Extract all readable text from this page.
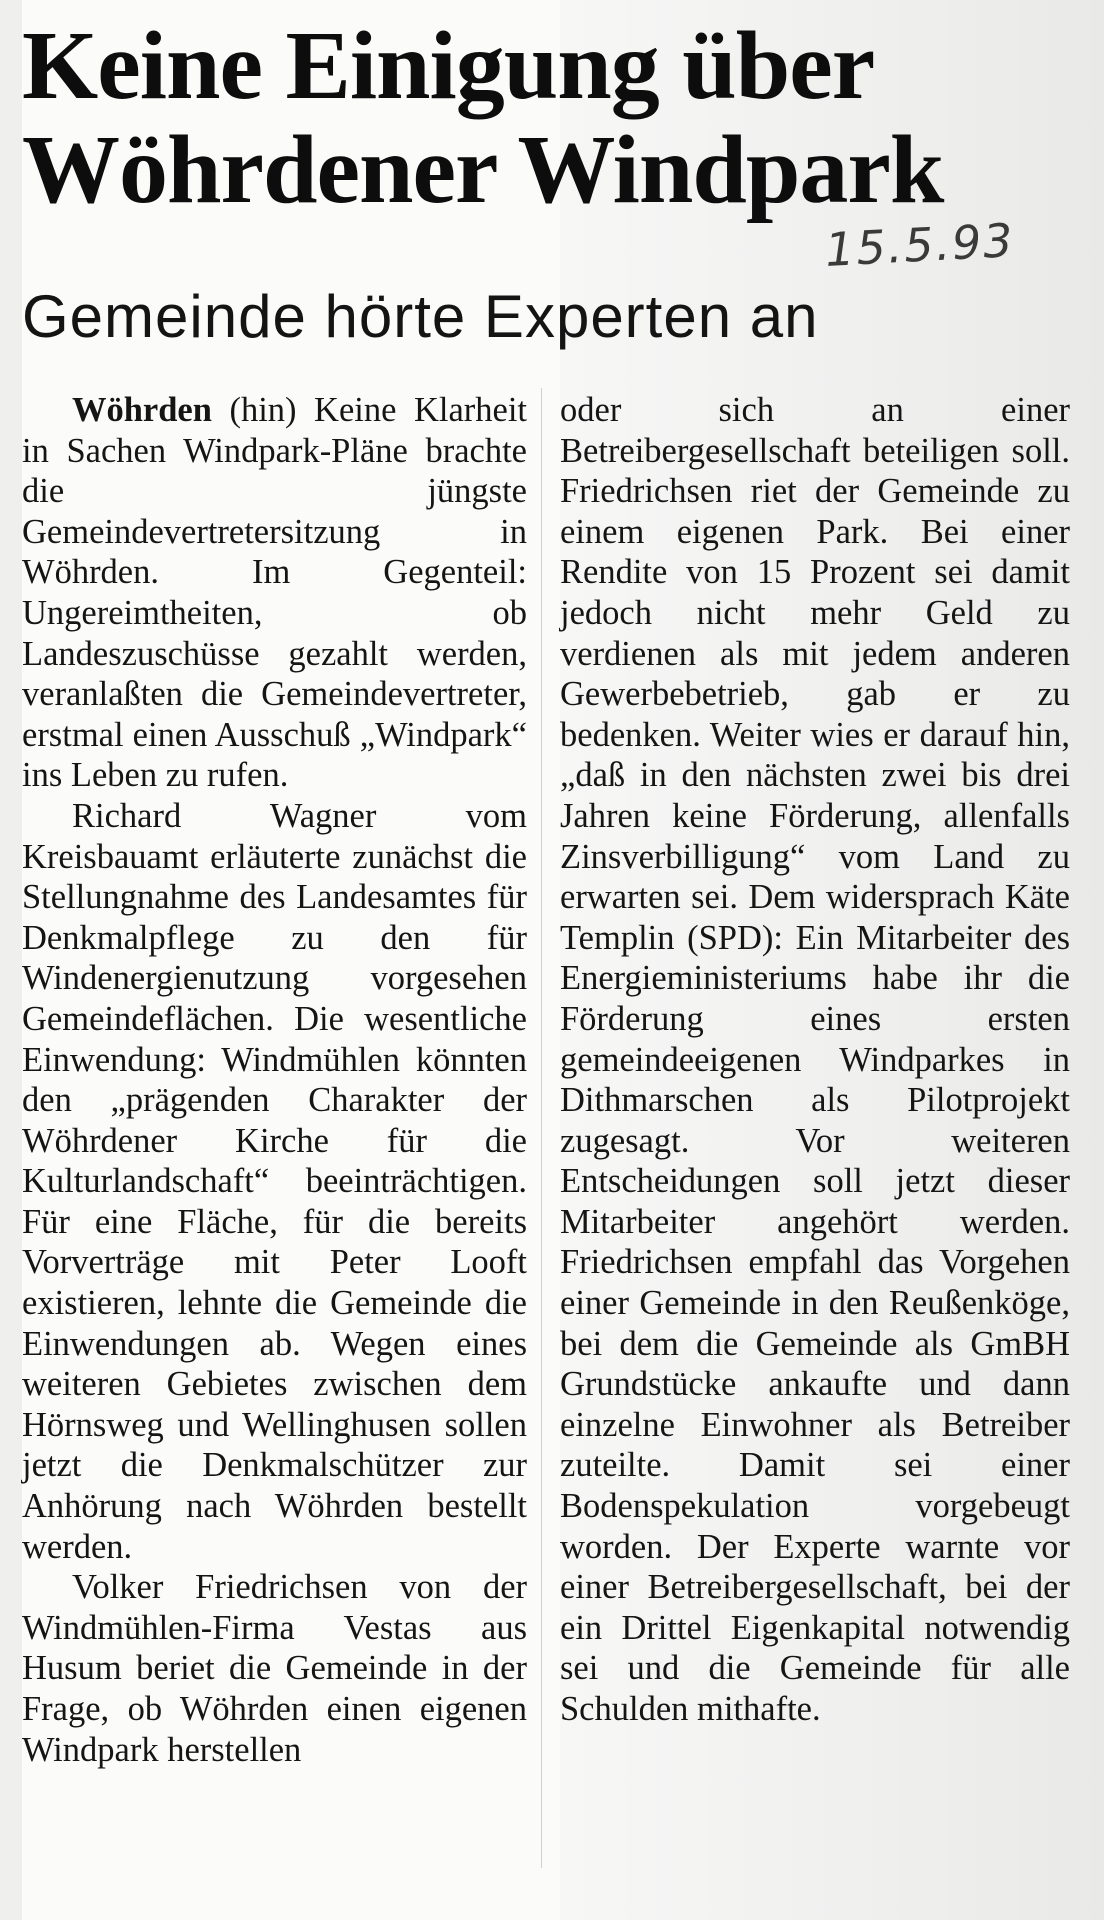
Keine Einigung über
Wöhrdener Windpark
15.5.93
Gemeinde hörte Experten an

Wöhrden (hin) Keine Klarheit in Sachen Windpark-Pläne brachte die jüngste Gemeindevertretersitzung in Wöhrden. Im Gegenteil: Ungereimtheiten, ob Landeszuschüsse gezahlt werden, veranlaßten die Gemeindevertreter, erstmal einen Ausschuß „Windpark“ ins Leben zu rufen.

Richard Wagner vom Kreisbauamt erläuterte zunächst die Stellungnahme des Landesamtes für Denkmalpflege zu den für Windenergienutzung vorgesehen Gemeindeflächen. Die wesentliche Einwendung: Windmühlen könnten den „prägenden Charakter der Wöhrdener Kirche für die Kulturlandschaft“ beeinträchtigen. Für eine Fläche, für die bereits Vorverträge mit Peter Looft existieren, lehnte die Gemeinde die Einwendungen ab. Wegen eines weiteren Gebietes zwischen dem Hörnsweg und Wellinghusen sollen jetzt die Denkmalschützer zur Anhörung nach Wöhrden bestellt werden.

Volker Friedrichsen von der Windmühlen-Firma Vestas aus Husum beriet die Gemeinde in der Frage, ob Wöhrden einen eigenen Windpark herstellen

oder sich an einer Betreibergesellschaft beteiligen soll. Friedrichsen riet der Gemeinde zu einem eigenen Park. Bei einer Rendite von 15 Prozent sei damit jedoch nicht mehr Geld zu verdienen als mit jedem anderen Gewerbebetrieb, gab er zu bedenken. Weiter wies er darauf hin, „daß in den nächsten zwei bis drei Jahren keine Förderung, allenfalls Zinsverbilligung“ vom Land zu erwarten sei. Dem widersprach Käte Templin (SPD): Ein Mitarbeiter des Energieministeriums habe ihr die Förderung eines ersten gemeindeeigenen Windparkes in Dithmarschen als Pilotprojekt zugesagt. Vor weiteren Entscheidungen soll jetzt dieser Mitarbeiter angehört werden. Friedrichsen empfahl das Vorgehen einer Gemeinde in den Reußenköge, bei dem die Gemeinde als GmBH Grundstücke ankaufte und dann einzelne Einwohner als Betreiber zuteilte. Damit sei einer Bodenspekulation vorgebeugt worden. Der Experte warnte vor einer Betreibergesellschaft, bei der ein Drittel Eigenkapital notwendig sei und die Gemeinde für alle Schulden mithafte.
